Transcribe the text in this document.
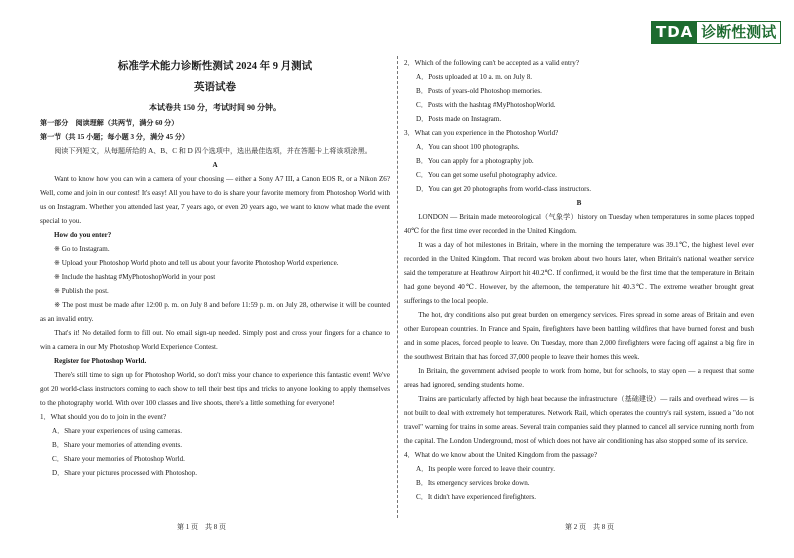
TDA 诊断性测试
标准学术能力诊断性测试 2024 年 9 月测试
英语试卷
本试卷共 150 分，考试时间 90 分钟。
第一部分　阅读理解（共两节，满分 60 分）
第一节（共 15 小题；每小题 3 分，满分 45 分）
阅读下列短文，从每题所给的 A、B、C 和 D 四个选项中，选出最佳选项，并在答题卡上将该项涂黑。
A
Want to know how you can win a camera of your choosing — either a Sony A7 III, a Canon EOS R, or a Nikon Z6? Well, come and join in our contest! It's easy! All you have to do is share your favorite memory from Photoshop World with us on Instagram. Whether you attended last year, 7 years ago, or even 20 years ago, we want to know what made the event special to you.
How do you enter?
※ Go to Instagram.
※ Upload your Photoshop World photo and tell us about your favorite Photoshop World experience.
※ Include the hashtag #MyPhotoshopWorld in your post
※ Publish the post.
※ The post must be made after 12:00 p. m. on July 8 and before 11:59 p. m. on July 28, otherwise it will be counted as an invalid entry.
That's it! No detailed form to fill out. No email sign-up needed. Simply post and cross your fingers for a chance to win a camera in our My Photoshop World Experience Contest.
Register for Photoshop World.
There's still time to sign up for Photoshop World, so don't miss your chance to experience this fantastic event! We've got 20 world-class instructors coming to each show to tell their best tips and tricks to anyone looking to apply themselves to the photography world. With over 100 classes and live shoots, there's a little something for everyone!
1．What should you do to join in the event?
A．Share your experiences of using cameras.
B．Share your memories of attending events.
C．Share your memories of Photoshop World.
D．Share your pictures processed with Photoshop.
2．Which of the following can't be accepted as a valid entry?
A．Posts uploaded at 10 a. m. on July 8.
B．Posts of years-old Photoshop memories.
C．Posts with the hashtag #MyPhotoshopWorld.
D．Posts made on Instagram.
3．What can you experience in the Photoshop World?
A．You can shoot 100 photographs.
B．You can apply for a photography job.
C．You can get some useful photography advice.
D．You can get 20 photographs from world-class instructors.
B
LONDON — Britain made meteorological（气象学）history on Tuesday when temperatures in some places topped 40℃ for the first time ever recorded in the United Kingdom.
It was a day of hot milestones in Britain, where in the morning the temperature was 39.1℃, the highest level ever recorded in the United Kingdom. That record was broken about two hours later, when Britain's national weather service said the temperature at Heathrow Airport hit 40.2℃. If confirmed, it would be the first time that the temperature in Britain had gone beyond 40℃. However, by the afternoon, the temperature hit 40.3℃. The extreme weather brought great sufferings to the local people.
The hot, dry conditions also put great burden on emergency services. Fires spread in some areas of Britain and even other European countries. In France and Spain, firefighters have been battling wildfires that have burned forest and bush and in some places, forced people to leave. On Tuesday, more than 2,000 firefighters were facing off against a big fire in the southwest Britain that has forced 37,000 people to leave their homes this week.
In Britain, the government advised people to work from home, but for schools, to stay open — a request that some areas had ignored, sending students home.
Trains are particularly affected by high heat because the infrastructure（基础建设）— rails and overhead wires — is not built to deal with extremely hot temperatures. Network Rail, which operates the country's rail system, issued a "do not travel" warning for trains in some areas. Several train companies said they planned to cancel all service running north from the capital. The London Underground, most of which does not have air conditioning has also stopped some of its service.
4．What do we know about the United Kingdom from the passage?
A．Its people were forced to leave their country.
B．Its emergency services broke down.
C．It didn't have experienced firefighters.
第 1 页　共 8 页	第 2 页　共 8 页
